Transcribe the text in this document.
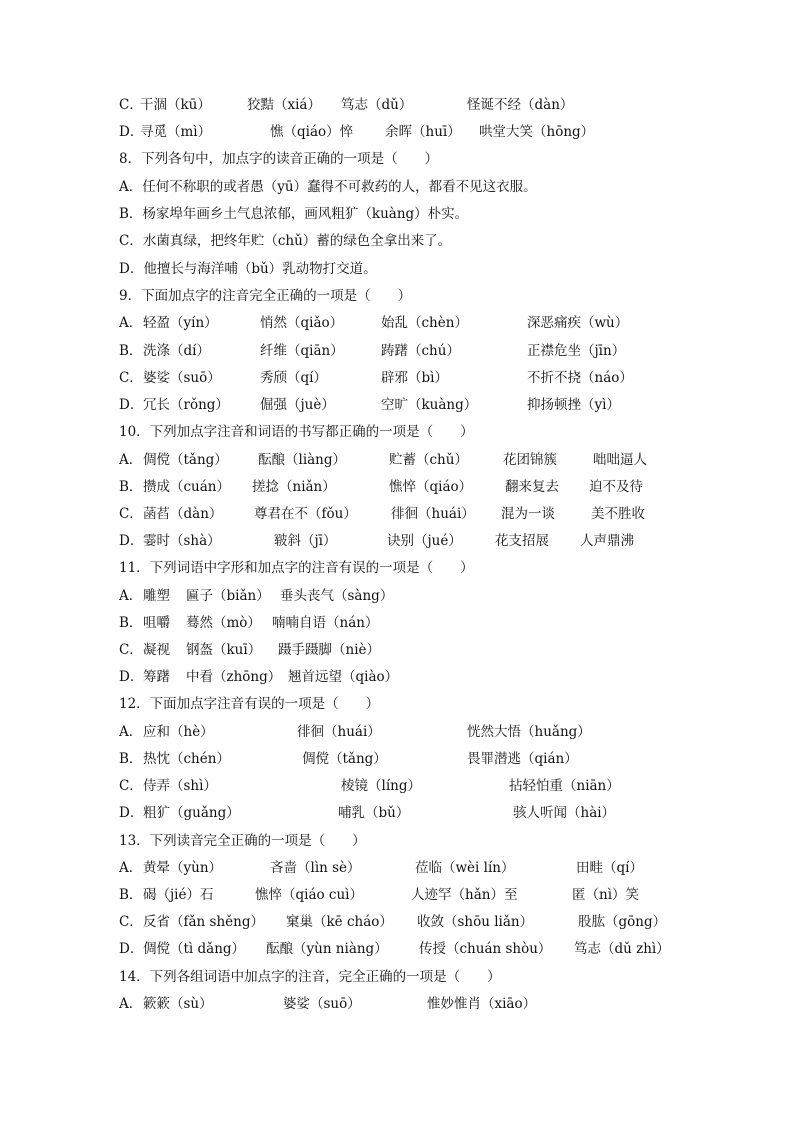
C．
干涸（kū）	狡黠（xiá） 笃志（dǔ）	怪诞不经（dàn）
D．
寻觅（mì）	憔（qiáo）悴 余晖（huī） 哄堂大笑（hōng）
8．下列各句中，加点字的读音正确的一项是（　　）
A．任何不称职的或者愚（yū）蠢得不可救药的人，都看不见这衣服。
B．杨家埠年画乡土气息浓郁，画风粗犷（kuàng）朴实。
C．水菌真绿，把终年贮（chǔ）蓄的绿色全拿出来了。
D．他擅长与海洋哺（bǔ）乳动物打交道。
9．下面加点字的注音完全正确的一项是（　　）
A． 轻盈（yín）	悄然（qiǎo）	始乱（chèn）	深恶痛疾（wù）
B． 洗涤（dí）	纤维（qiān）	踌躇（chú）	正襟危坐（jīn）
C． 婆娑（suō）	秀颀（qí）	辟邪（bì）	不折不挠（náo）
D． 冗长（rǒng） 倔强（juè）	空旷（kuàng）	抑扬顿挫（yì）
10．下列加点字注音和词语的书写都正确的一项是（　　）
A． 倜傥（tǎng） 酝酿（liàng）	贮蓄（chǔ）	花团锦簇	咄咄逼人
B． 攒成（cuán） 搓捻（niǎn）	憔悴（qiáo） 翻来复去 迫不及待
C． 菡萏（dàn） 尊君在不（fǒu）	徘徊（huái） 混为一谈	美不胜收
D． 霎时（shà）	皲斜（jī）	诀别（jué） 花支招展 人声鼎沸
11．下列词语中字形和加点字的注音有误的一项是（　　）
A． 雕塑 匾子（biǎn） 垂头丧气（sàng）
B． 咀嚼 蓦然（mò） 喃喃自语（nán）
C． 凝视 钢盔（kuī） 蹑手蹑脚（niè）
D． 筹躇 中看（zhōng） 翘首远望（qiào）
12．下面加点字注音有误的一项是（　　）
A． 应和（hè）	徘徊（huái）	恍然大悟（huǎng）
B． 热忱（chén）	倜傥（tǎng）	畏罪潜逃（qián）
C． 侍弄（shì）	棱镜（líng）	拈轻怕重（niān）
D． 粗犷（guǎng）	哺乳（bǔ）	骇人听闻（hài）
13．下列读音完全正确的一项是（　　）
A． 黄晕（yùn）	吝啬（lìn sè）	莅临（wèi lín）	田畦（qí）
B． 碣（jié）石	憔悴（qiáo cuì）	人迹罕（hǎn）至	匿（nì）笑
C． 反省（fǎn shěng） 窠巢（kē cháo） 收敛（shōu liǎn）	股肱（gōng）
D． 倜傥（tì dǎng） 酝酿（yùn niàng） 传授（chuán shòu） 笃志（dǔ zhì）
14．下列各组词语中加点字的注音，完全正确的一项是（　　）
A． 簌簌（sù）	婆娑（suō）	惟妙惟肖（xiāo）
